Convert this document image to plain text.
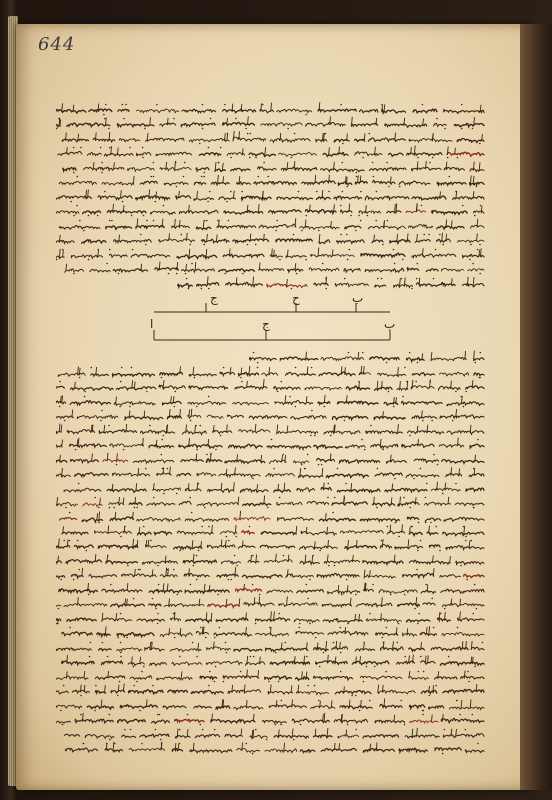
644
ج	ح	ب
ا	ج	ب
